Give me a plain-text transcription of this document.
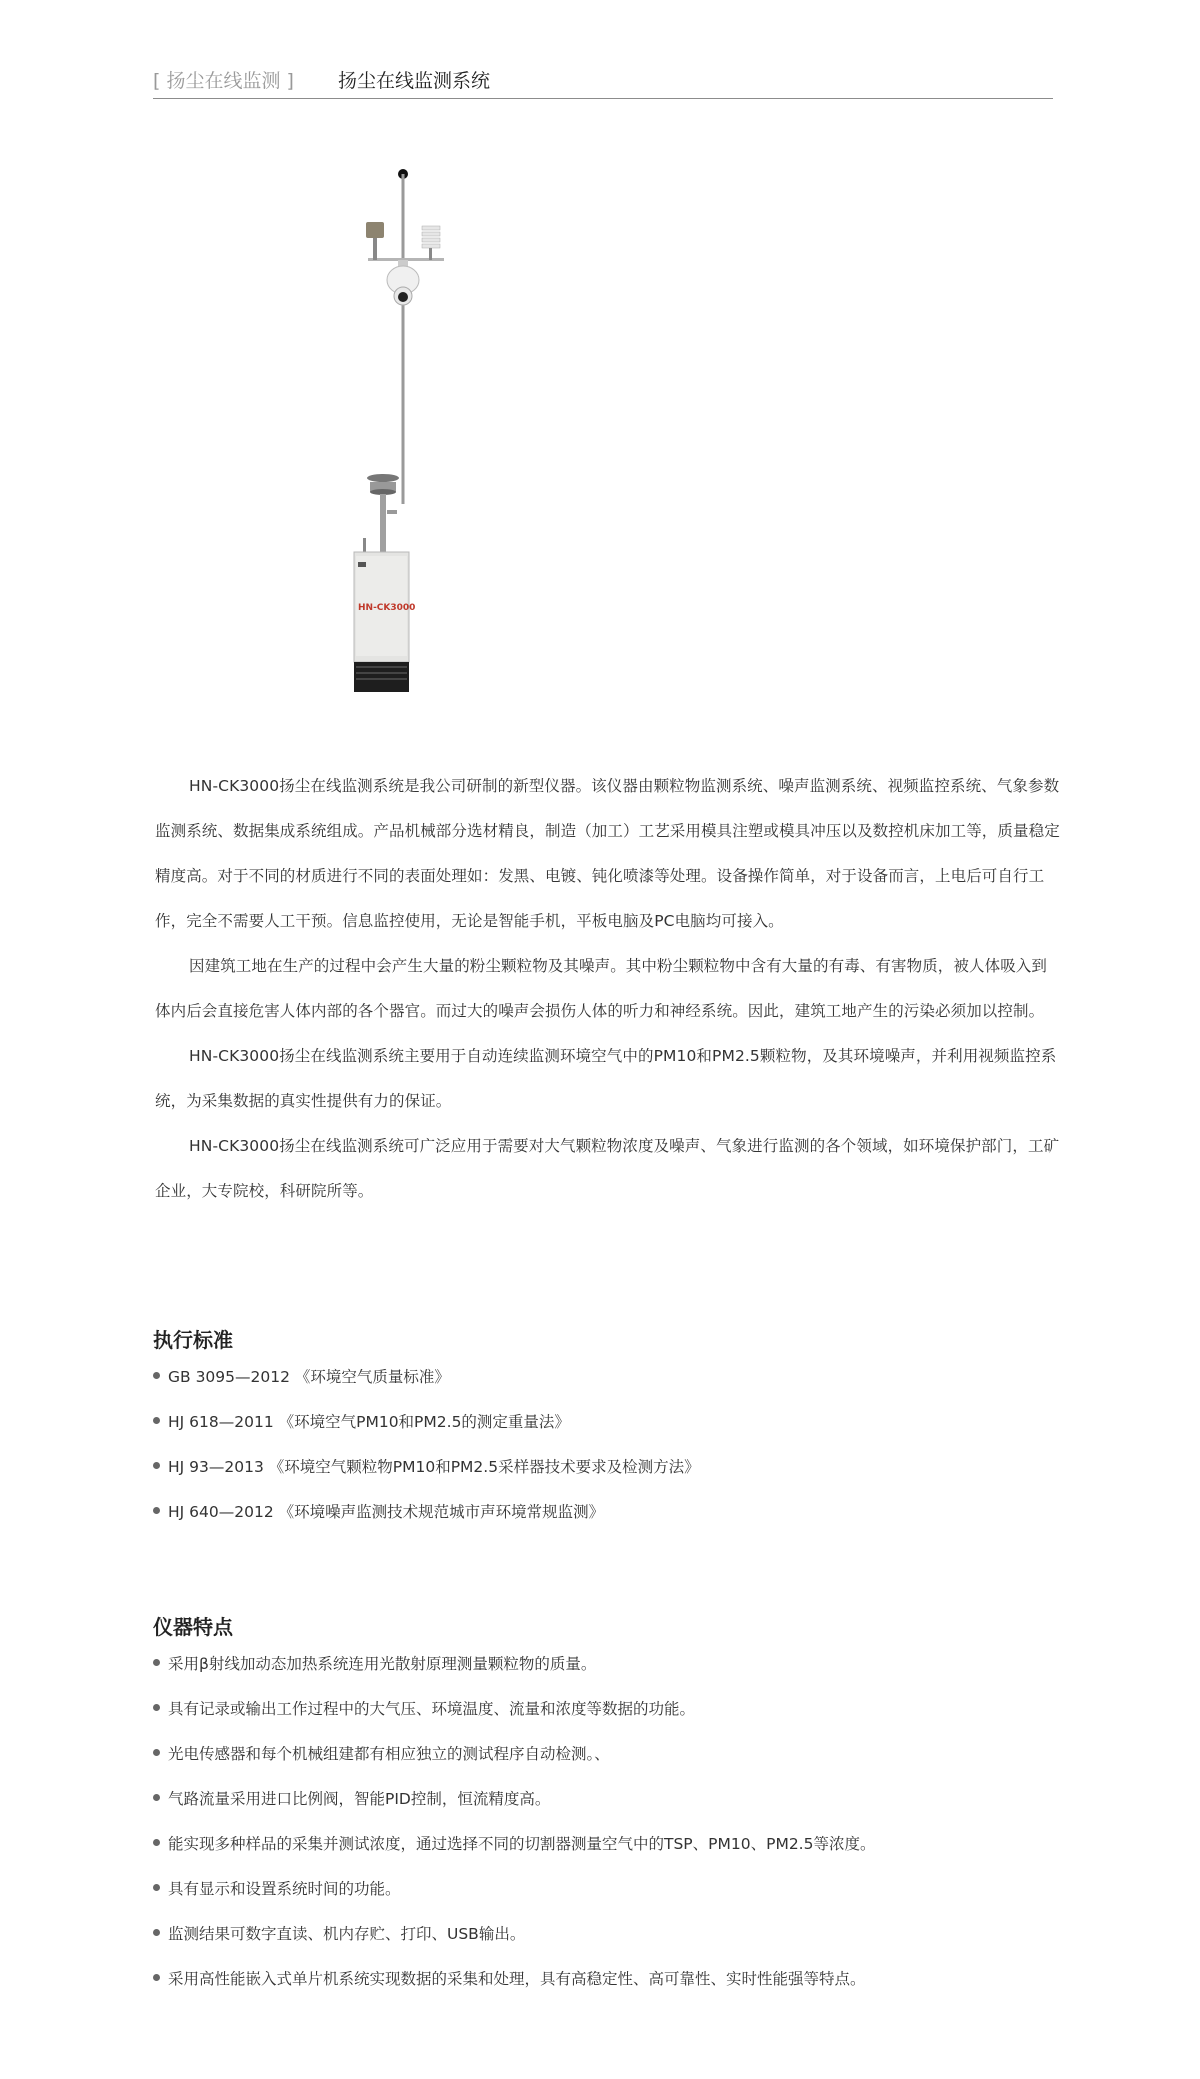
[ 扬尘在线监测 ] 扬尘在线监测系统
HN-CK3000

HN-CK3000扬尘在线监测系统是我公司研制的新型仪器。该仪器由颗粒物监测系统、噪声监测系统、视频监控系统、气象参数监测系统、数据集成系统组成。产品机械部分选材精良，制造（加工）工艺采用模具注塑或模具冲压以及数控机床加工等，质量稳定精度高。对于不同的材质进行不同的表面处理如：发黑、电镀、钝化喷漆等处理。设备操作简单，对于设备而言，上电后可自行工作，完全不需要人工干预。信息监控使用，无论是智能手机，平板电脑及PC电脑均可接入。

因建筑工地在生产的过程中会产生大量的粉尘颗粒物及其噪声。其中粉尘颗粒物中含有大量的有毒、有害物质，被人体吸入到体内后会直接危害人体内部的各个器官。而过大的噪声会损伤人体的听力和神经系统。因此，建筑工地产生的污染必须加以控制。

HN-CK3000扬尘在线监测系统主要用于自动连续监测环境空气中的PM10和PM2.5颗粒物，及其环境噪声，并利用视频监控系统，为采集数据的真实性提供有力的保证。

HN-CK3000扬尘在线监测系统可广泛应用于需要对大气颗粒物浓度及噪声、气象进行监测的各个领域，如环境保护部门，工矿企业，大专院校，科研院所等。

执行标准
GB 3095—2012 《环境空气质量标准》
HJ 618—2011 《环境空气PM10和PM2.5的测定重量法》
HJ 93—2013 《环境空气颗粒物PM10和PM2.5采样器技术要求及检测方法》
HJ 640—2012 《环境噪声监测技术规范城市声环境常规监测》
仪器特点
采用β射线加动态加热系统连用光散射原理测量颗粒物的质量。
具有记录或输出工作过程中的大气压、环境温度、流量和浓度等数据的功能。
光电传感器和每个机械组建都有相应独立的测试程序自动检测。、
气路流量采用进口比例阀，智能PID控制，恒流精度高。
能实现多种样品的采集并测试浓度，通过选择不同的切割器测量空气中的TSP、PM10、PM2.5等浓度。
具有显示和设置系统时间的功能。
监测结果可数字直读、机内存贮、打印、USB输出。
采用高性能嵌入式单片机系统实现数据的采集和处理，具有高稳定性、高可靠性、实时性能强等特点。
